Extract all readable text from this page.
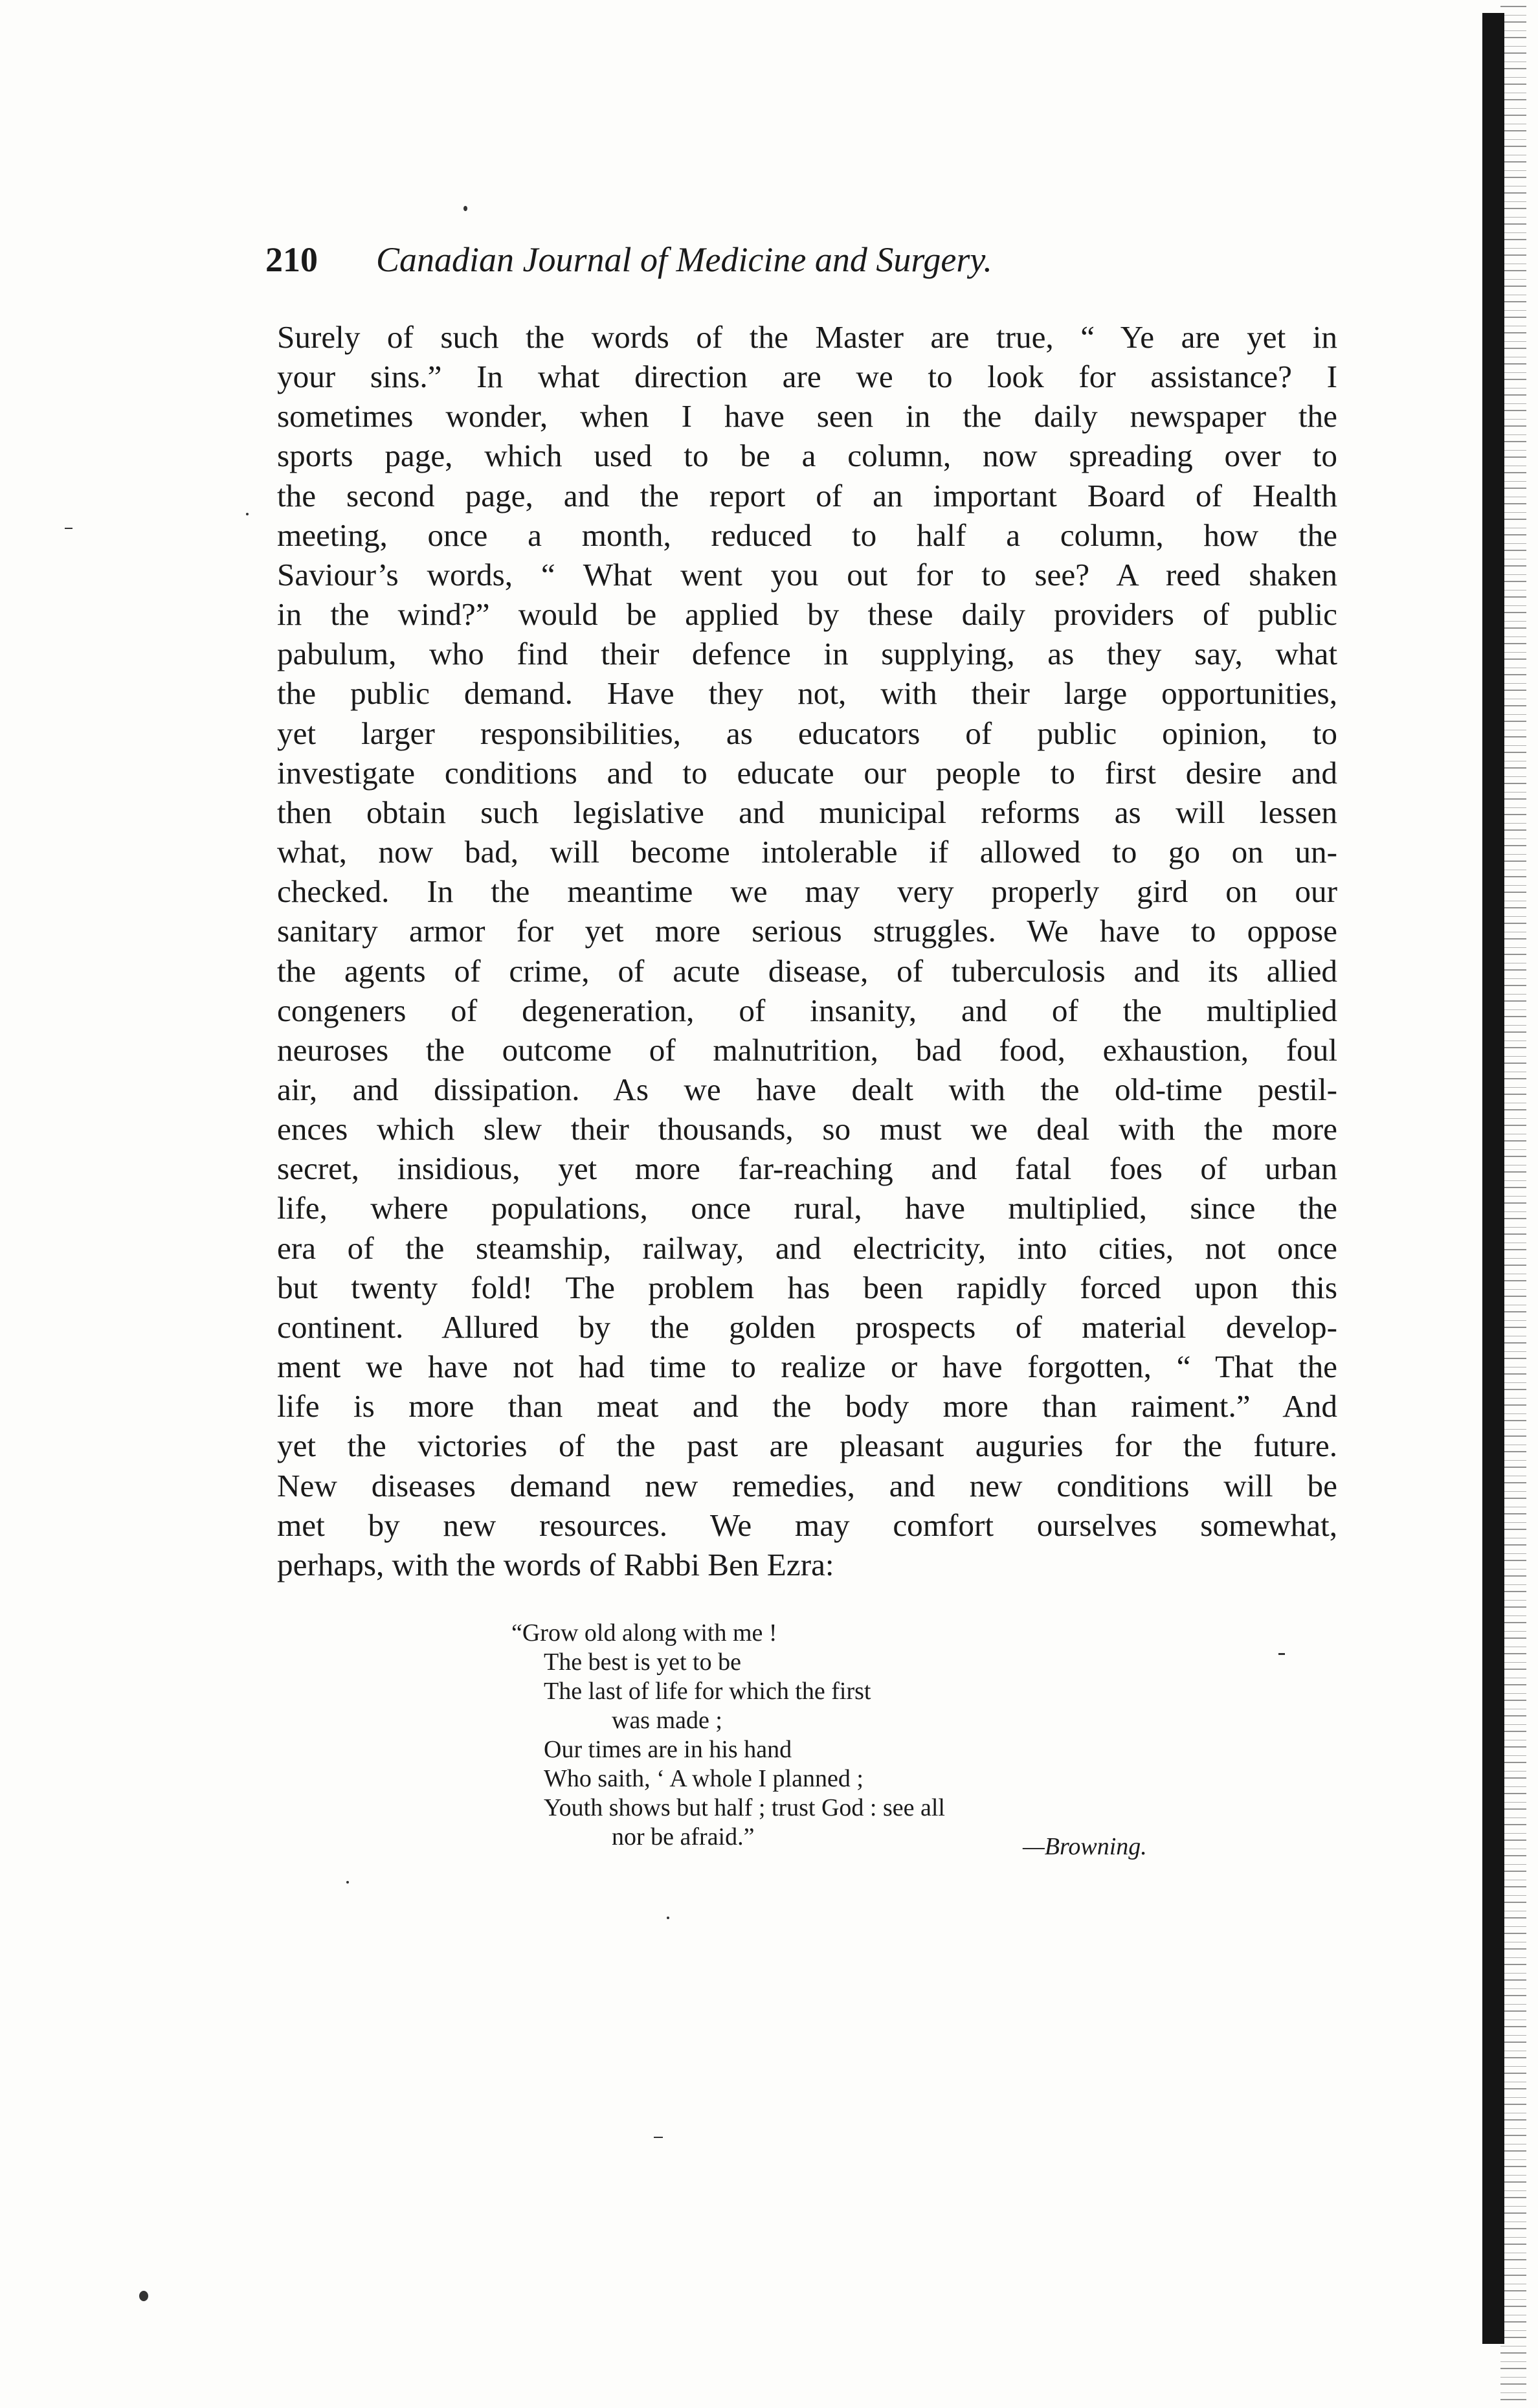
210 Canadian Journal of Medicine and Surgery.
Surely of such the words of the Master are true, “ Ye are yet in
your sins.” In what direction are we to look for assistance? I
sometimes wonder, when I have seen in the daily newspaper the
sports page, which used to be a column, now spreading over to
the second page, and the report of an important Board of Health
meeting, once a month, reduced to half a column, how the
Saviour’s words, “ What went you out for to see? A reed shaken
in the wind?” would be applied by these daily providers of public
pabulum, who find their defence in supplying, as they say, what
the public demand. Have they not, with their large opportunities,
yet larger responsibilities, as educators of public opinion, to
investigate conditions and to educate our people to first desire and
then obtain such legislative and municipal reforms as will lessen
what, now bad, will become intolerable if allowed to go on un-
checked. In the meantime we may very properly gird on our
sanitary armor for yet more serious struggles. We have to oppose
the agents of crime, of acute disease, of tuberculosis and its allied
congeners of degeneration, of insanity, and of the multiplied
neuroses the outcome of malnutrition, bad food, exhaustion, foul
air, and dissipation. As we have dealt with the old-time pestil-
ences which slew their thousands, so must we deal with the more
secret, insidious, yet more far-reaching and fatal foes of urban
life, where populations, once rural, have multiplied, since the
era of the steamship, railway, and electricity, into cities, not once
but twenty fold! The problem has been rapidly forced upon this
continent. Allured by the golden prospects of material develop-
ment we have not had time to realize or have forgotten, “ That the
life is more than meat and the body more than raiment.” And
yet the victories of the past are pleasant auguries for the future.
New diseases demand new remedies, and new conditions will be
met by new resources. We may comfort ourselves somewhat,
perhaps, with the words of Rabbi Ben Ezra:
“Grow old along with me !
The best is yet to be
The last of life for which the first
was made ;
Our times are in his hand
Who saith, ‘ A whole I planned ;
Youth shows but half ; trust God : see all
nor be afraid.”	—Browning.
